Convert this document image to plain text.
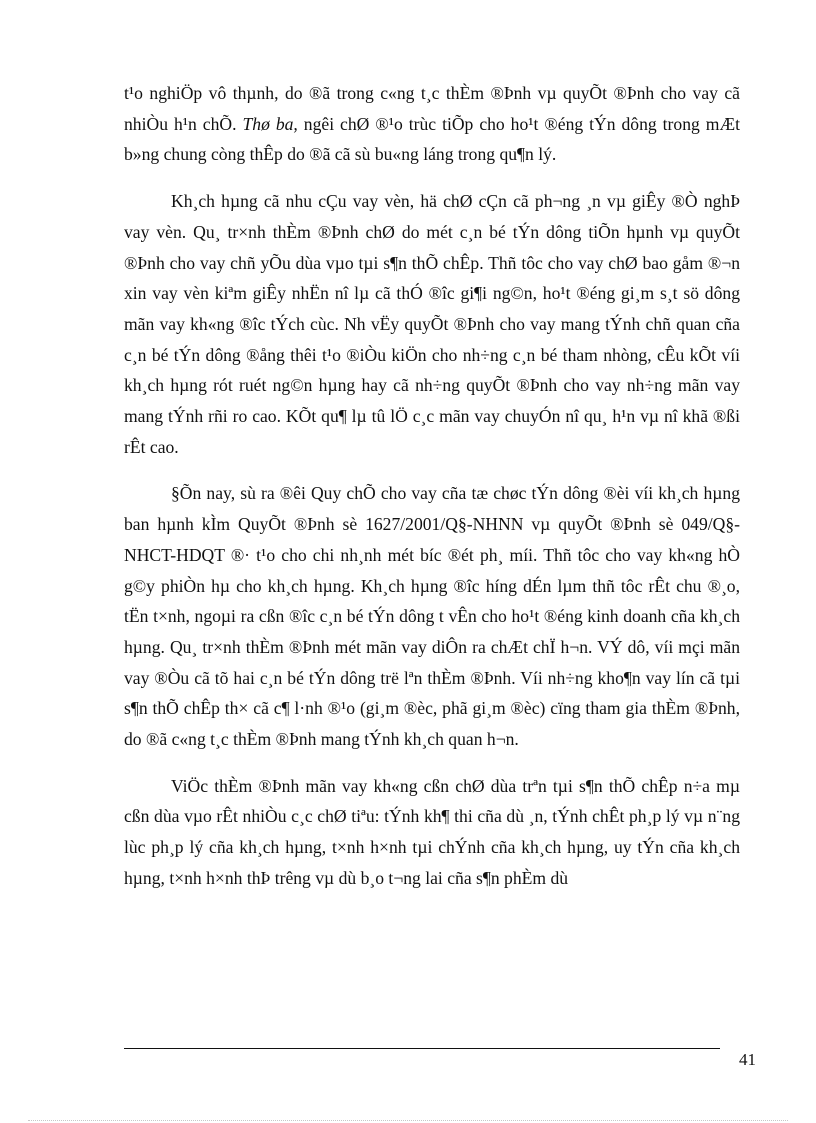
t¹o nghiÖp vô thµnh, do ®ã trong c«ng t¸c thÈm ®Þnh vµ quyÕt ®Þnh cho vay cã nhiÒu h¹n chÕ. Thø ba, ngêi chØ ®¹o trùc tiÕp cho ho¹t ®éng tÝn dông trong mÆt b»ng chung còng thÊp do ®ã cã sù bu«ng láng trong qu¶n lý.

Kh¸ch hµng cã nhu cÇu vay vèn, hä chØ cÇn cã ph¬ng ¸n vµ giÊy ®Ò nghÞ vay vèn. Qu¸ tr×nh thÈm ®Þnh chØ do mét c¸n bé tÝn dông tiÕn hµnh vµ quyÕt ®Þnh cho vay chñ yÕu dùa vµo tµi s¶n thÕ chÊp. Thñ tôc cho vay chØ bao gåm ®¬n xin vay vèn kiªm giÊy nhËn nî lµ cã thÓ ®îc gi¶i ng©n, ho¹t ®éng gi¸m s¸t sö dông mãn vay kh«ng ®îc tÝch cùc. Nh vËy quyÕt ®Þnh cho vay mang tÝnh chñ quan cña c¸n bé tÝn dông ®ång thêi t¹o ®iÒu kiÖn cho nh÷ng c¸n bé tham nhòng, cÊu kÕt víi kh¸ch hµng rót ruét ng©n hµng hay cã nh÷ng quyÕt ®Þnh cho vay nh÷ng mãn vay mang tÝnh rñi ro cao. KÕt qu¶ lµ tû lÖ c¸c mãn vay chuyÓn nî qu¸ h¹n vµ nî khã ®ßi rÊt cao.

§Õn nay, sù ra ®êi Quy chÕ cho vay cña tæ chøc tÝn dông ®èi víi kh¸ch hµng ban hµnh kÌm QuyÕt ®Þnh sè 1627/2001/Q§-NHNN vµ quyÕt ®Þnh sè 049/Q§-NHCT-HDQT ®· t¹o cho chi nh¸nh mét bíc ®ét ph¸ míi. Thñ tôc cho vay kh«ng hÒ g©y phiÒn hµ cho kh¸ch hµng. Kh¸ch hµng ®îc híng dÉn lµm thñ tôc rÊt chu ®¸o, tËn t×nh, ngoµi ra cßn ®îc c¸n bé tÝn dông t vÊn cho ho¹t ®éng kinh doanh cña kh¸ch hµng. Qu¸ tr×nh thÈm ®Þnh mét mãn vay diÔn ra chÆt chÏ h¬n. VÝ dô, víi mçi mãn vay ®Òu cã tõ hai c¸n bé tÝn dông trë lªn thÈm ®Þnh. Víi nh÷ng kho¶n vay lín cã tµi s¶n thÕ chÊp th× cã c¶ l·nh ®¹o (gi¸m ®èc, phã gi¸m ®èc) cïng tham gia thÈm ®Þnh, do ®ã c«ng t¸c thÈm ®Þnh mang tÝnh kh¸ch quan h¬n.

ViÖc thÈm ®Þnh mãn vay kh«ng cßn chØ dùa trªn tµi s¶n thÕ chÊp n÷a mµ cßn dùa vµo rÊt nhiÒu c¸c chØ tiªu: tÝnh kh¶ thi cña dù ¸n, tÝnh chÊt ph¸p lý vµ n¨ng lùc ph¸p lý cña kh¸ch hµng, t×nh h×nh tµi chÝnh cña kh¸ch hµng, uy tÝn cña kh¸ch hµng, t×nh h×nh thÞ trêng vµ dù b¸o t¬ng lai cña s¶n phÈm dù

41
